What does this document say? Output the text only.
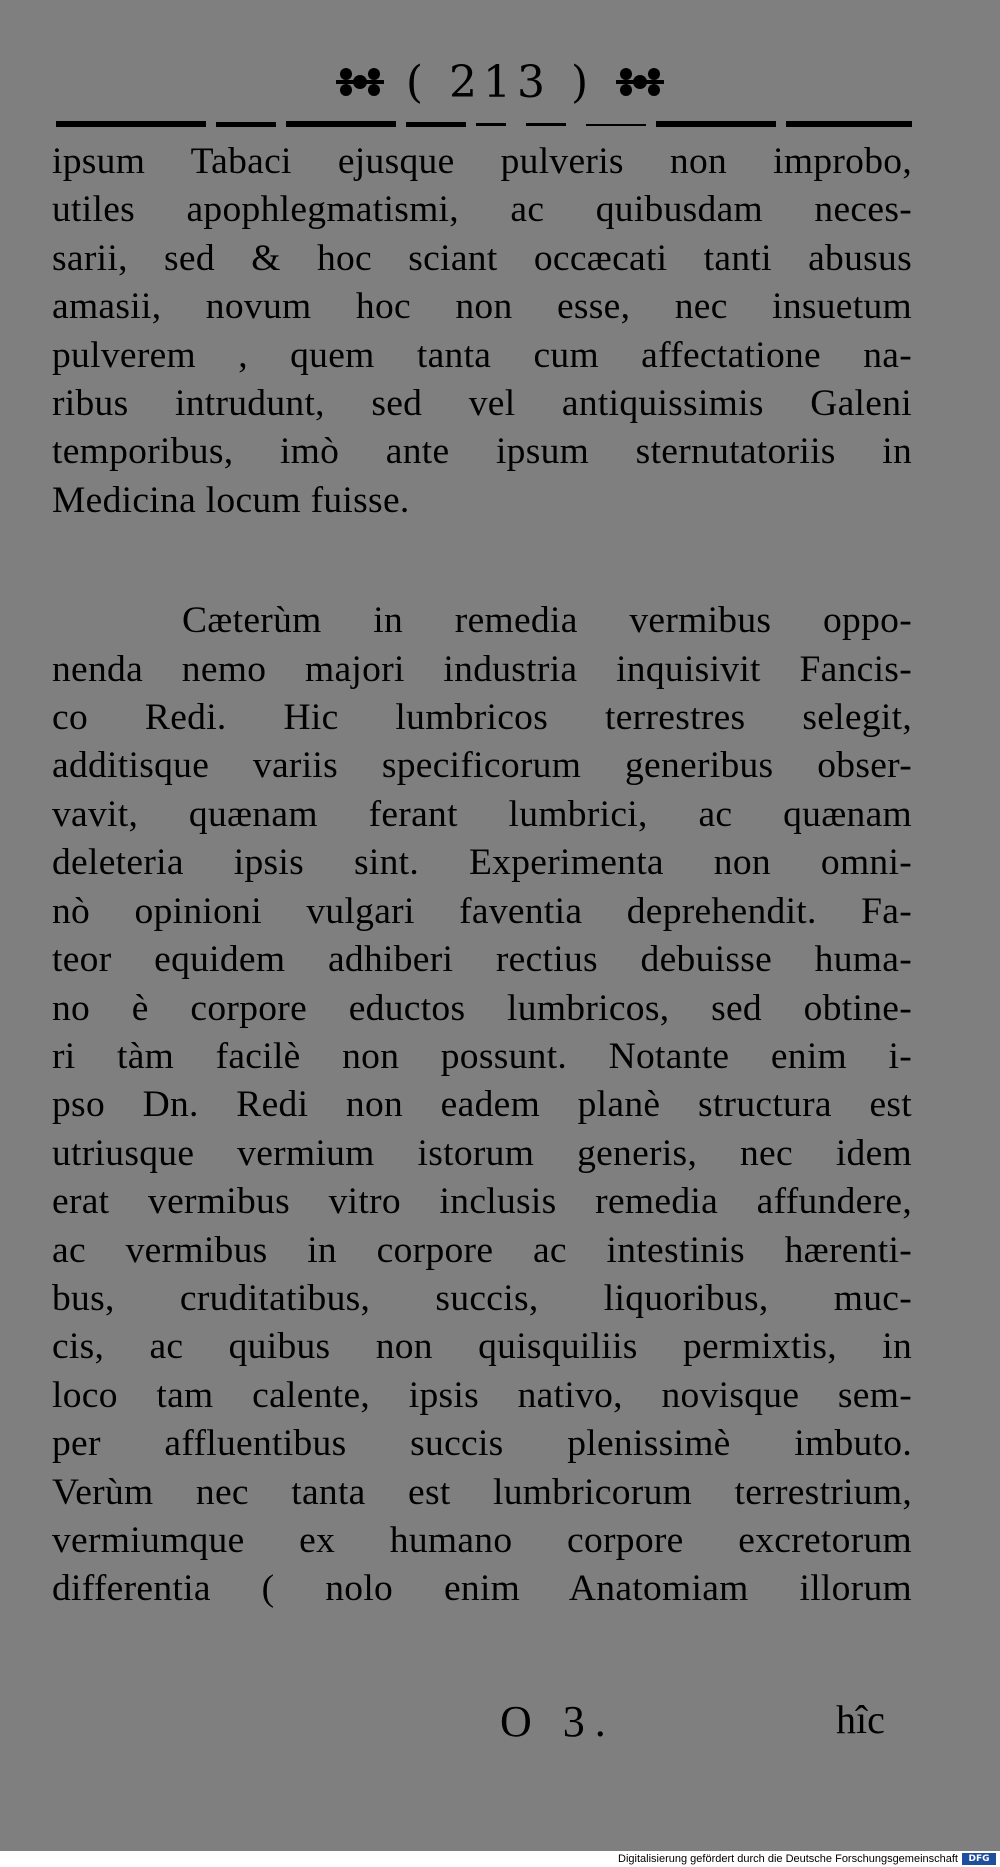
( 213 )
ipsum Tabaci ejusque pulveris non improbo,
utiles apophlegmatismi, ac quibusdam neces-
sarii, sed & hoc sciant occæcati tanti abusus
amasii, novum hoc non esse, nec insuetum
pulverem , quem tanta cum affectatione na-
ribus intrudunt, sed vel antiquissimis Galeni
temporibus, imò ante ipsum sternutatoriis in
Medicina locum fuisse.
Cæterùm in remedia vermibus oppo-
nenda nemo majori industria inquisivit Fancis-
co Redi. Hic lumbricos terrestres selegit,
additisque variis specificorum generibus obser-
vavit, quænam ferant lumbrici, ac quænam
deleteria ipsis sint. Experimenta non omni-
nò opinioni vulgari faventia deprehendit. Fa-
teor equidem adhiberi rectius debuisse huma-
no è corpore eductos lumbricos, sed obtine-
ri tàm facilè non possunt. Notante enim i-
pso Dn. Redi non eadem planè structura est
utriusque vermium istorum generis, nec idem
erat vermibus vitro inclusis remedia affundere,
ac vermibus in corpore ac intestinis hærenti-
bus, cruditatibus, succis, liquoribus, muc-
cis, ac quibus non quisquiliis permixtis, in
loco tam calente, ipsis nativo, novisque sem-
per affluentibus succis plenissimè imbuto.
Verùm nec tanta est lumbricorum terrestrium,
vermiumque ex humano corpore excretorum
differentia ( nolo enim Anatomiam illorum
O 3.	hîc
Digitalisierung gefördert durch die Deutsche Forschungsgemeinschaft	DFG
